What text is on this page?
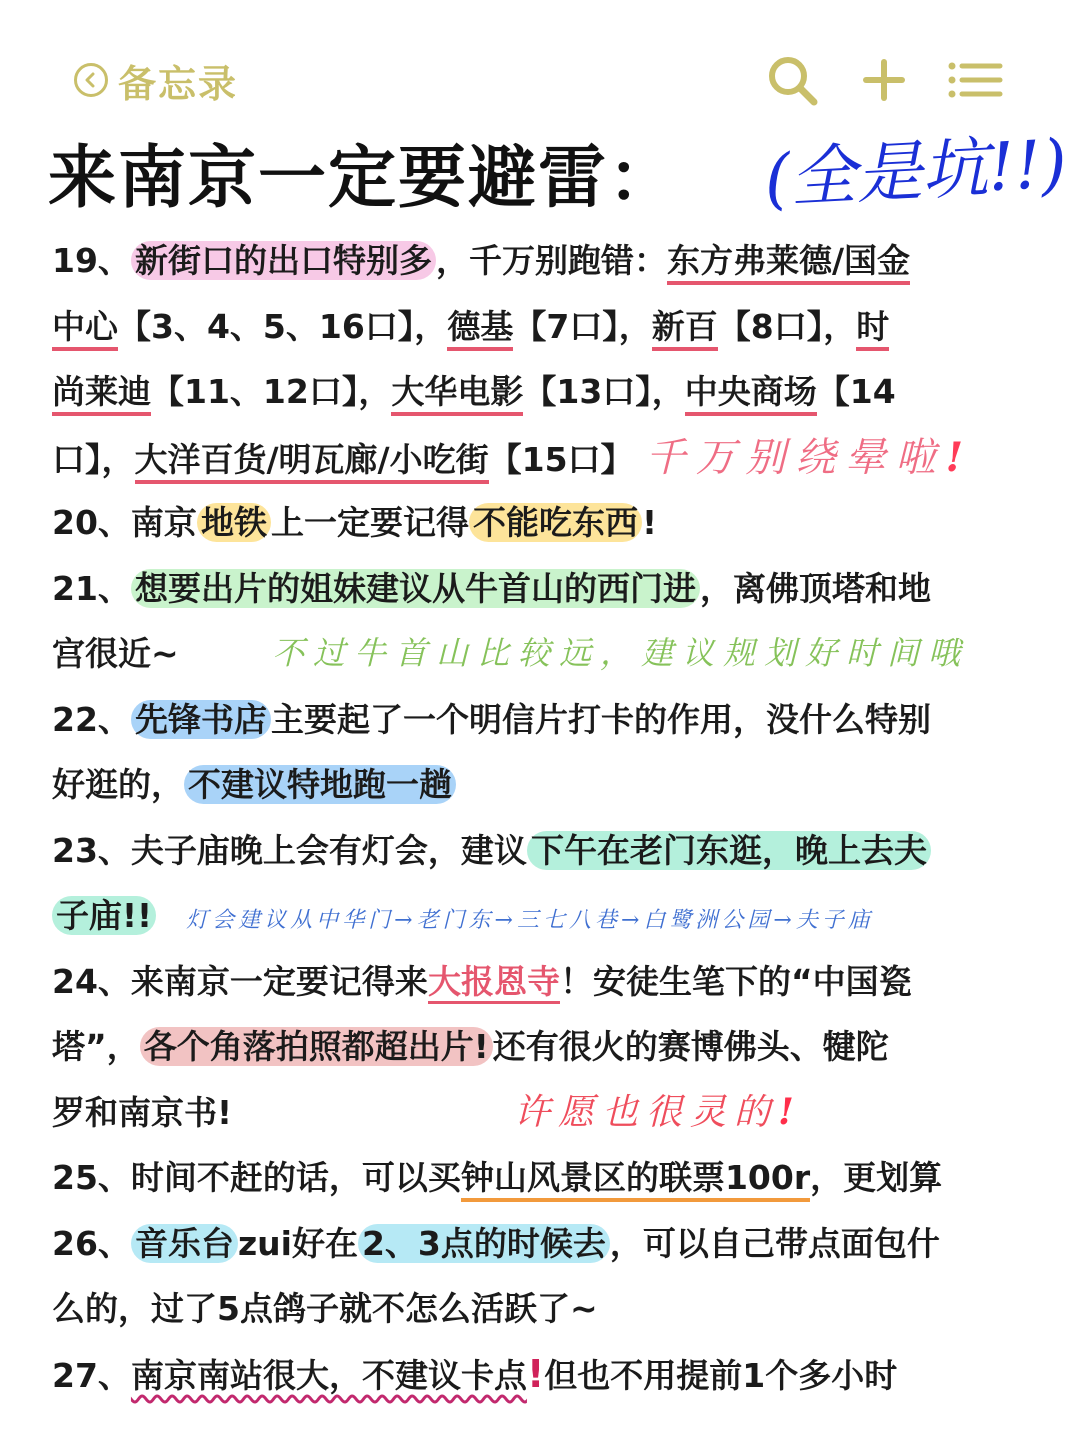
备忘录
来南京一定要避雷： (全是坑!!)
19、 新街口的出口特别多 ，千万别跑错：东方弗莱德/国金
中心【3、4、5、16口】，德基【7口】，新百【8口】，时
尚莱迪【11、12口】，大华电影【13口】，中央商场【14
口】，大洋百货/明瓦廊/小吃街【15口】 千万别绕晕啦!
20、南京 地铁 上一定要记得 不能吃东西 !
21、 想要出片的姐妹建议从牛首山的西门进 ，离佛顶塔和地
宫很近~	不过牛首山比较远，建议规划好时间哦
22、 先锋书店 主要起了一个明信片打卡的作用，没什么特别
好逛的， 不建议特地跑一趟
23、夫子庙晚上会有灯会，建议 下午在老门东逛，晚上去夫
子庙!! 灯会建议从中华门→老门东→三七八巷→白鹭洲公园→夫子庙
24、来南京一定要记得来大报恩寺！安徒生笔下的“中国瓷
塔”， 各个角落拍照都超出片! 还有很火的赛博佛头、犍陀
罗和南京书!	许愿也很灵的!
25、时间不赶的话，可以买钟山风景区的联票100r，更划算
26、 音乐台 zui好在 2、3点的时候去 ，可以自己带点面包什
么的，过了5点鸽子就不怎么活跃了~
27、南京南站很大，不建议卡点!但也不用提前1个多小时
